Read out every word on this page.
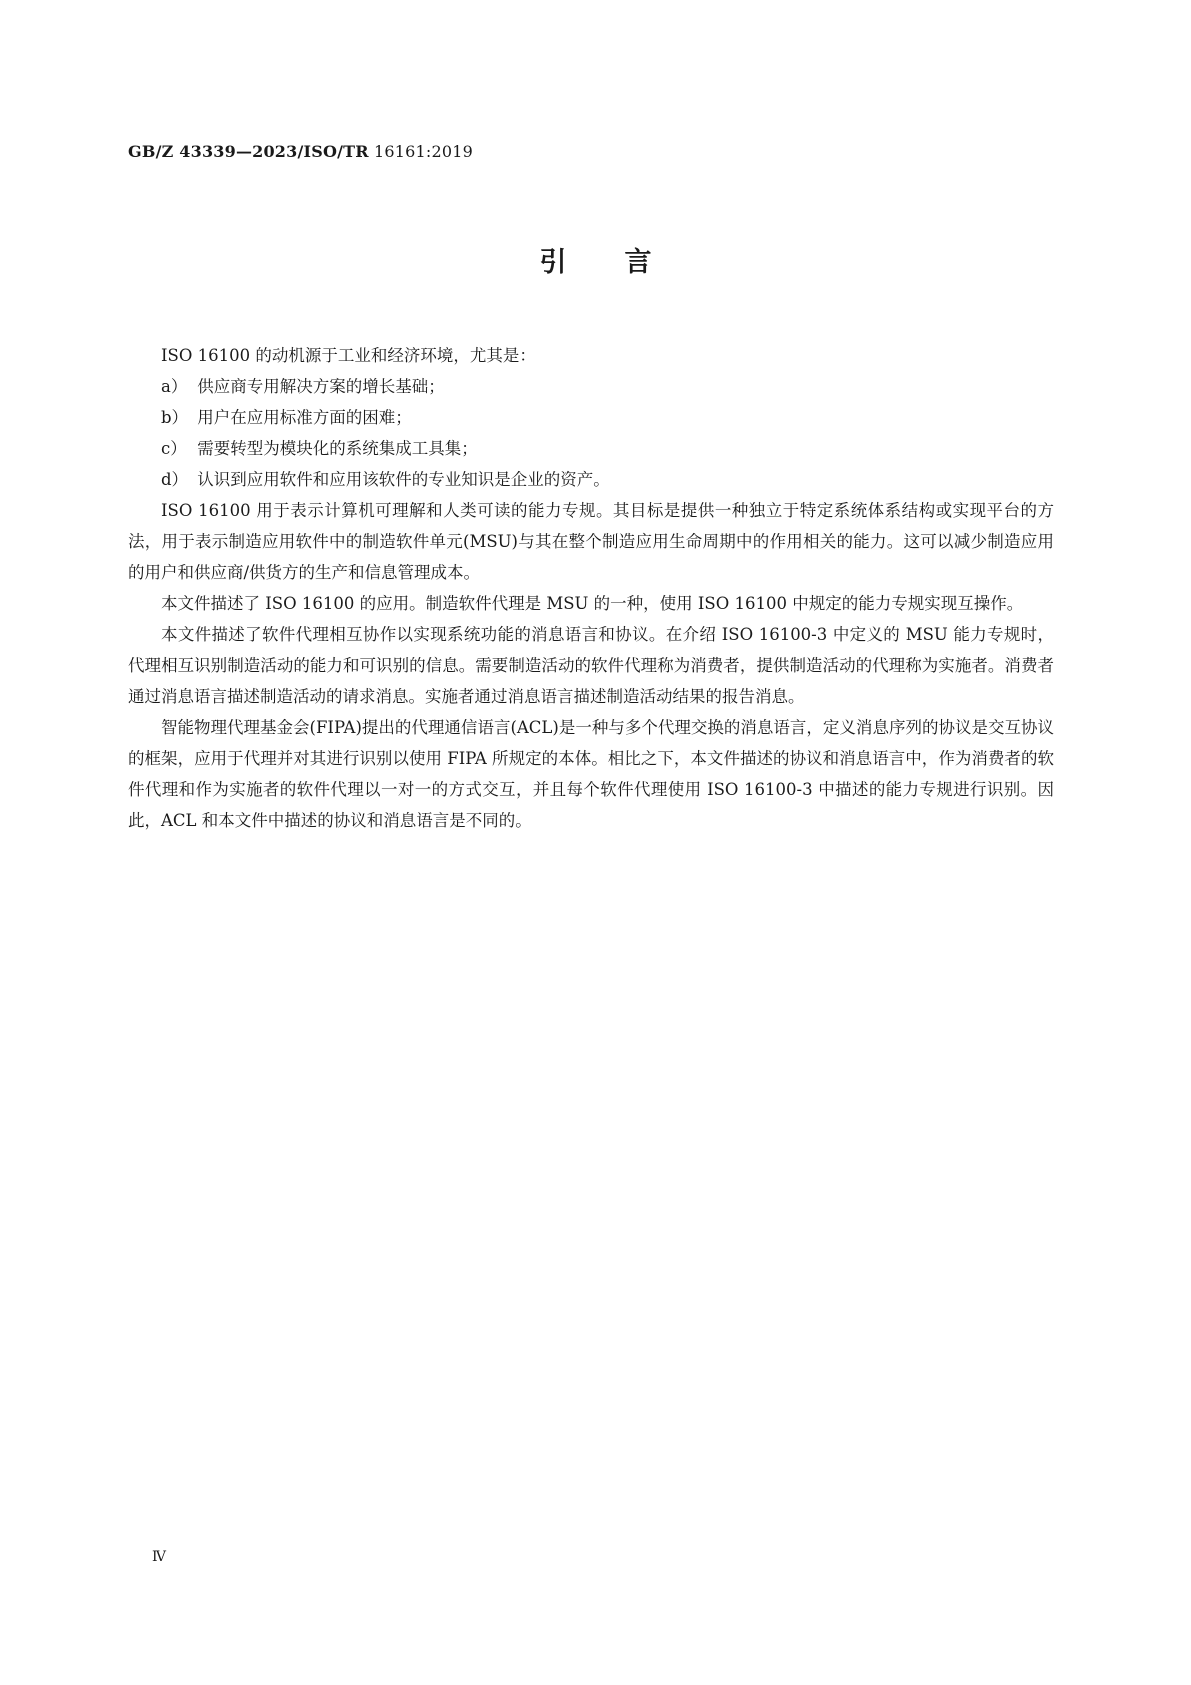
GB/Z 43339—2023/ISO/TR 16161:2019
引言

ISO 16100 的动机源于工业和经济环境，尤其是：

a） 供应商专用解决方案的增长基础；
b） 用户在应用标准方面的困难；
c） 需要转型为模块化的系统集成工具集；
d） 认识到应用软件和应用该软件的专业知识是企业的资产。

ISO 16100 用于表示计算机可理解和人类可读的能力专规。其目标是提供一种独立于特定系统体系结构或实现平台的方法，用于表示制造应用软件中的制造软件单元(MSU)与其在整个制造应用生命周期中的作用相关的能力。这可以减少制造应用的用户和供应商/供货方的生产和信息管理成本。

本文件描述了 ISO 16100 的应用。制造软件代理是 MSU 的一种，使用 ISO 16100 中规定的能力专规实现互操作。

本文件描述了软件代理相互协作以实现系统功能的消息语言和协议。在介绍 ISO 16100-3 中定义的 MSU 能力专规时，代理相互识别制造活动的能力和可识别的信息。需要制造活动的软件代理称为消费者，提供制造活动的代理称为实施者。消费者通过消息语言描述制造活动的请求消息。实施者通过消息语言描述制造活动结果的报告消息。

智能物理代理基金会(FIPA)提出的代理通信语言(ACL)是一种与多个代理交换的消息语言，定义消息序列的协议是交互协议的框架，应用于代理并对其进行识别以使用 FIPA 所规定的本体。相比之下，本文件描述的协议和消息语言中，作为消费者的软件代理和作为实施者的软件代理以一对一的方式交互，并且每个软件代理使用 ISO 16100-3 中描述的能力专规进行识别。因此，ACL 和本文件中描述的协议和消息语言是不同的。

Ⅳ
